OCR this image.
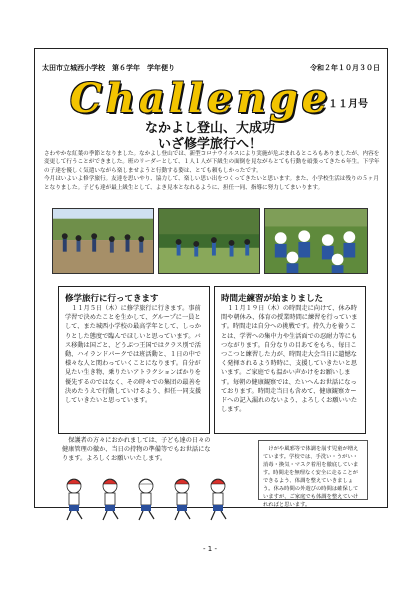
太田市立城西小学校　第６学年　学年便り	令和２年１０月３０日
Challenge
１１月号
なかよし登山、大成功
いざ修学旅行へ！

さわやかな紅葉の季節となりました。なかよし登山では、新型コロナウイルスにより実施が危ぶまれるところもありましたが、内容を変更して行うことができました。班のリーダーとして、１人１人が下級生の面倒を見ながらとても行動を頑張ってきた６年生。下学年の子達を優しく気遣いながら楽しませようと行動する姿は、とても頼もしかったです。

今月はいよいよ修学旅行。友達を思いやり、協力して、楽しい思い出をつくってきたいと思います。また、小学校生活は残りの５ヶ月となりました。子ども達が最上級生として、よき見本となれるように、担任一同、指導に努力してまいります。

修学旅行に行ってきます

１１月５日（木）に修学旅行に行きます。事前学習で決めたことを生かして、グループに一員として、また城西小学校の最高学年として、しっかりとした態度で臨んでほしいと思っています。バス移動は国ごと、どうぶつ王国ではクラス別で活動、ハイランドパークでは班活動と、１日の中で様々な人と関わっていくことになります。自分が見たい生き物、乗りたいアトラクションばかりを優先するのではなく、その時々での集団の最善を決めたうえで行動していけるよう、担任一同支援していきたいと思っています。

時間走練習が始まりました

１１月１９日（木）の時間走に向けて、休み時間や朝休み、体育の授業時間に練習を行っています。時間走は自分への挑戦です。持久力を養うことは、学習への集中力や生活面での忍耐力等にもつながります。自分なりの目あてをもち、毎日こつこつと練習した力が、時間走大会当日に遺憾なく発揮されるよう時時に、支援していきたいと思います。ご家庭でも温かい声かけをお願いします。毎朝の健康観察では、たいへんお世話になっております。時間走当日も含めて、健康観察カードへの記入漏れのないよう、よろしくお願いいたします。

保護者の方々におかれましては、子ども達の日々の健康管理の徹か、当日の持物の準備等でもお世話になります。よろしくお願いいたします。

けがや風邪等で体調を崩す児童が増えています。学校では、手洗い・うがい・消毒・換気・マスク着用を徹底しています。時間走を無理なく安全に走ることができるよう、体調を整えていきましょう。休み時間の外遊びの時間は確保していますが、ご家庭でも体調を整えていけれればと思います。

- 1 -
